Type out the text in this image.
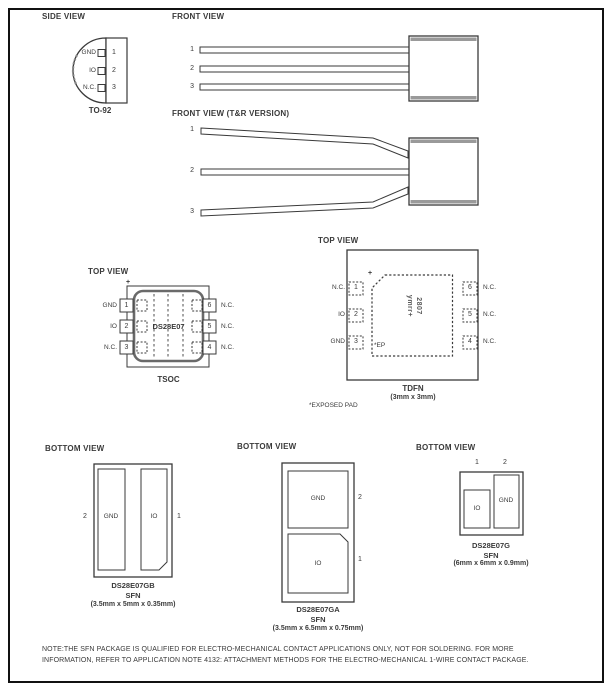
SIDE VIEW
GND
IO
N.C.
1
2
3
TO-92
FRONT VIEW
1
2
3
FRONT VIEW (T&R VERSION)
1
2
3
TOP VIEW
+
DS28E07
1
2
3
6
5
4
GND
IO
N.C.
N.C.
N.C.
N.C.
TSOC
TOP VIEW
+
2807
ymrr+
*EP
1
2
3
6
5
4
N.C.
IO
GND
N.C.
N.C.
N.C.
TDFN
(3mm x 3mm)
*EXPOSED PAD
BOTTOM VIEW
2	1
GND	IO
DS28E07GB
SFN
(3.5mm x 5mm x 0.35mm)
BOTTOM VIEW
2
1
GND
IO
DS28E07GA
SFN
(3.5mm x 6.5mm x 0.75mm)
BOTTOM VIEW
1	2
IO
GND
DS28E07G
SFN
(6mm x 6mm x 0.9mm)
NOTE:THE SFN PACKAGE IS QUALIFIED FOR ELECTRO-MECHANICAL CONTACT APPLICATIONS ONLY, NOT FOR SOLDERING. FOR MORE
INFORMATION, REFER TO APPLICATION NOTE 4132: ATTACHMENT METHODS FOR THE ELECTRO-MECHANICAL 1-WIRE CONTACT PACKAGE.
